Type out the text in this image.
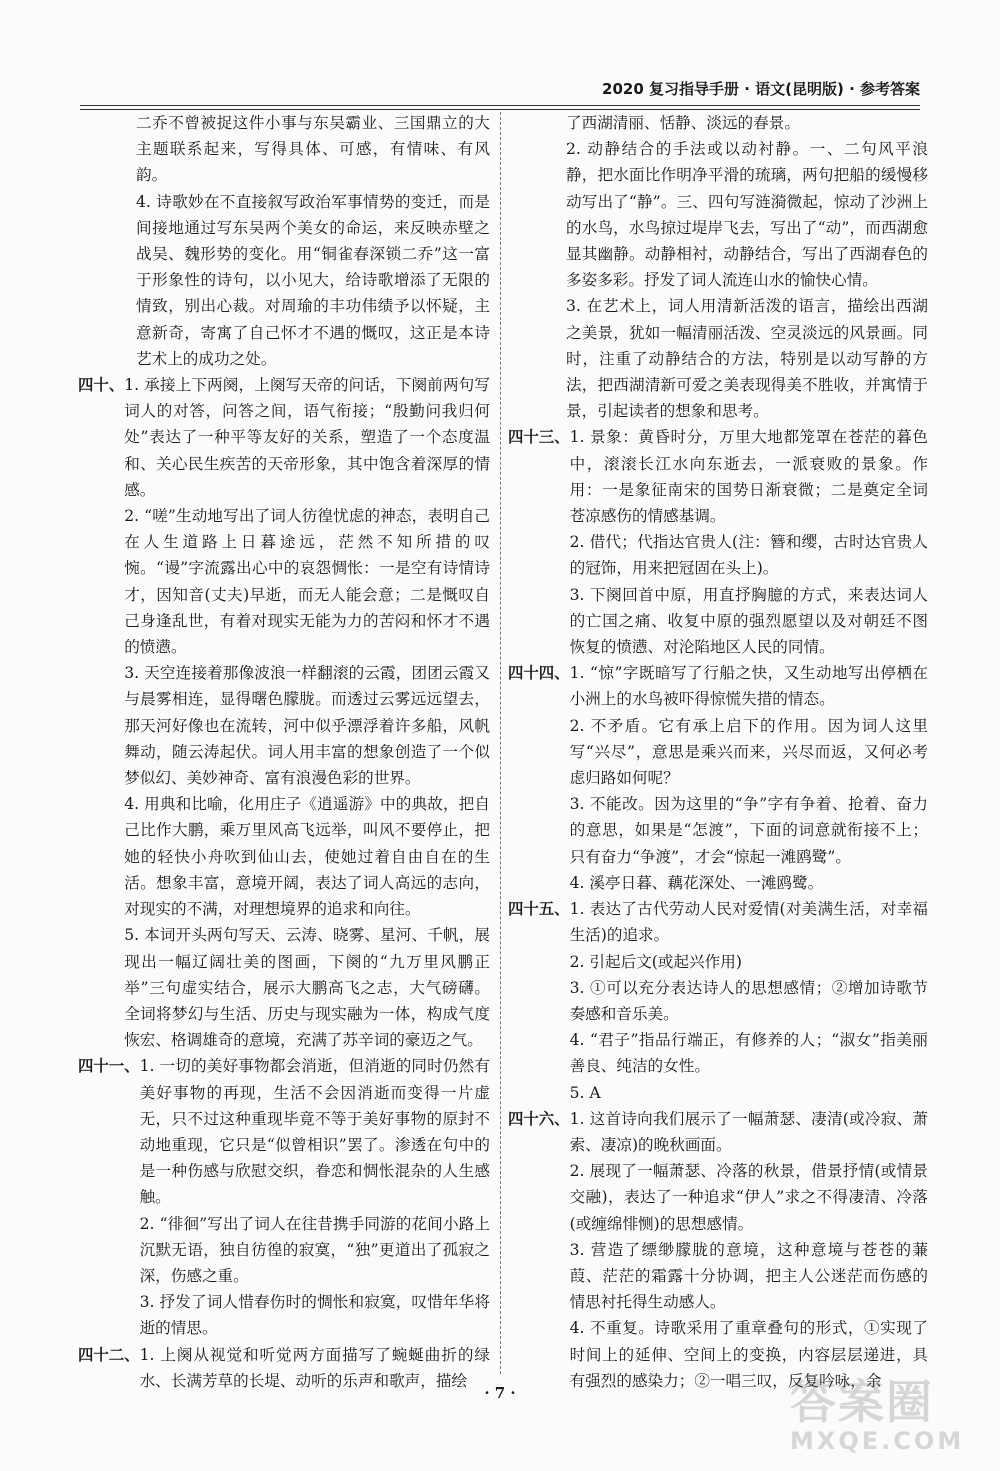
2020 复习指导手册 · 语文(昆明版) · 参考答案

二乔不曾被捉这件小事与东吴霸业、三国鼎立的大主题联系起来，写得具体、可感，有情味、有风韵。

4. 诗歌妙在不直接叙写政治军事情势的变迁，而是间接地通过写东吴两个美女的命运，来反映赤壁之战吴、魏形势的变化。用“铜雀春深锁二乔”这一富于形象性的诗句，以小见大，给诗歌增添了无限的情致，别出心裁。对周瑜的丰功伟绩予以怀疑，主意新奇，寄寓了自己怀才不遇的慨叹，这正是本诗艺术上的成功之处。

四十、 1. 承接上下两阕，上阕写天帝的问话，下阕前两句写词人的对答，问答之间，语气衔接；“殷勤问我归何处”表达了一种平等友好的关系，塑造了一个态度温和、关心民生疾苦的天帝形象，其中饱含着深厚的情感。

2. “嗟”生动地写出了词人彷徨忧虑的神态，表明自己在人生道路上日暮途远，茫然不知所措的叹惋。“谩”字流露出心中的哀怨惆怅：一是空有诗情诗才，因知音(丈夫)早逝，而无人能会意；二是慨叹自己身逢乱世，有着对现实无能为力的苦闷和怀才不遇的愤懑。

3. 天空连接着那像波浪一样翻滚的云霞，团团云霞又与晨雾相连，显得曙色朦胧。而透过云雾远远望去，那天河好像也在流转，河中似乎漂浮着许多船，风帆舞动，随云涛起伏。词人用丰富的想象创造了一个似梦似幻、美妙神奇、富有浪漫色彩的世界。

4. 用典和比喻，化用庄子《逍遥游》中的典故，把自己比作大鹏，乘万里风高飞远举，叫风不要停止，把她的轻快小舟吹到仙山去，使她过着自由自在的生活。想象丰富，意境开阔，表达了词人高远的志向，对现实的不满，对理想境界的追求和向往。

5. 本词开头两句写天、云涛、晓雾、星河、千帆，展现出一幅辽阔壮美的图画，下阕的“九万里风鹏正举”三句虚实结合，展示大鹏高飞之志，大气磅礴。全词将梦幻与生活、历史与现实融为一体，构成气度恢宏、格调雄奇的意境，充满了苏辛词的豪迈之气。

四十一、 1. 一切的美好事物都会消逝，但消逝的同时仍然有美好事物的再现，生活不会因消逝而变得一片虚无，只不过这种重现毕竟不等于美好事物的原封不动地重现，它只是“似曾相识”罢了。渗透在句中的是一种伤感与欣慰交织，眷恋和惆怅混杂的人生感触。

2. “徘徊”写出了词人在往昔携手同游的花间小路上沉默无语，独自彷徨的寂寞，“独”更道出了孤寂之深，伤感之重。

3. 抒发了词人惜春伤时的惆怅和寂寞，叹惜年华将逝的情思。

四十二、 1. 上阕从视觉和听觉两方面描写了蜿蜒曲折的绿水、长满芳草的长堤、动听的乐声和歌声，描绘

了西湖清丽、恬静、淡远的春景。

2. 动静结合的手法或以动衬静。一、二句风平浪静，把水面比作明净平滑的琉璃，两句把船的缓慢移动写出了“静”。三、四句写涟漪微起，惊动了沙洲上的水鸟，水鸟掠过堤岸飞去，写出了“动”，而西湖愈显其幽静。动静相衬，动静结合，写出了西湖春色的多姿多彩。抒发了词人流连山水的愉快心情。

3. 在艺术上，词人用清新活泼的语言，描绘出西湖之美景，犹如一幅清丽活泼、空灵淡远的风景画。同时，注重了动静结合的方法，特别是以动写静的方法，把西湖清新可爱之美表现得美不胜收，并寓情于景，引起读者的想象和思考。

四十三、 1. 景象：黄昏时分，万里大地都笼罩在苍茫的暮色中，滚滚长江水向东逝去，一派衰败的景象。作用：一是象征南宋的国势日渐衰微；二是奠定全词苍凉感伤的情感基调。

2. 借代；代指达官贵人(注：簪和缨，古时达官贵人的冠饰，用来把冠固在头上)。

3. 下阕回首中原，用直抒胸臆的方式，来表达词人的亡国之痛、收复中原的强烈愿望以及对朝廷不图恢复的愤懑、对沦陷地区人民的同情。

四十四、 1. “惊”字既暗写了行船之快，又生动地写出停栖在小洲上的水鸟被吓得惊慌失措的情态。

2. 不矛盾。它有承上启下的作用。因为词人这里写“兴尽”，意思是乘兴而来，兴尽而返，又何必考虑归路如何呢？

3. 不能改。因为这里的“争”字有争着、抢着、奋力的意思，如果是“怎渡”，下面的词意就衔接不上；只有奋力“争渡”，才会“惊起一滩鸥鹭”。

4. 溪亭日暮、藕花深处、一滩鸥鹭。

四十五、 1. 表达了古代劳动人民对爱情(对美满生活，对幸福生活)的追求。

2. 引起后文(或起兴作用)

3. ①可以充分表达诗人的思想感情；②增加诗歌节奏感和音乐美。

4. “君子”指品行端正，有修养的人；“淑女”指美丽善良、纯洁的女性。

5. A

四十六、 1. 这首诗向我们展示了一幅萧瑟、凄清(或冷寂、萧索、凄凉)的晚秋画面。

2. 展现了一幅萧瑟、冷落的秋景，借景抒情(或情景交融)，表达了一种追求“伊人”求之不得凄清、冷落(或缠绵悱恻)的思想感情。

3. 营造了缥缈朦胧的意境，这种意境与苍苍的蒹葭、茫茫的霜露十分协调，把主人公迷茫而伤感的情思衬托得生动感人。

4. 不重复。诗歌采用了重章叠句的形式，①实现了时间上的延伸、空间上的变换，内容层层递进，具有强烈的感染力；②一唱三叹，反复吟咏，余

· 7 ·	答案圈
MXQE.COM
